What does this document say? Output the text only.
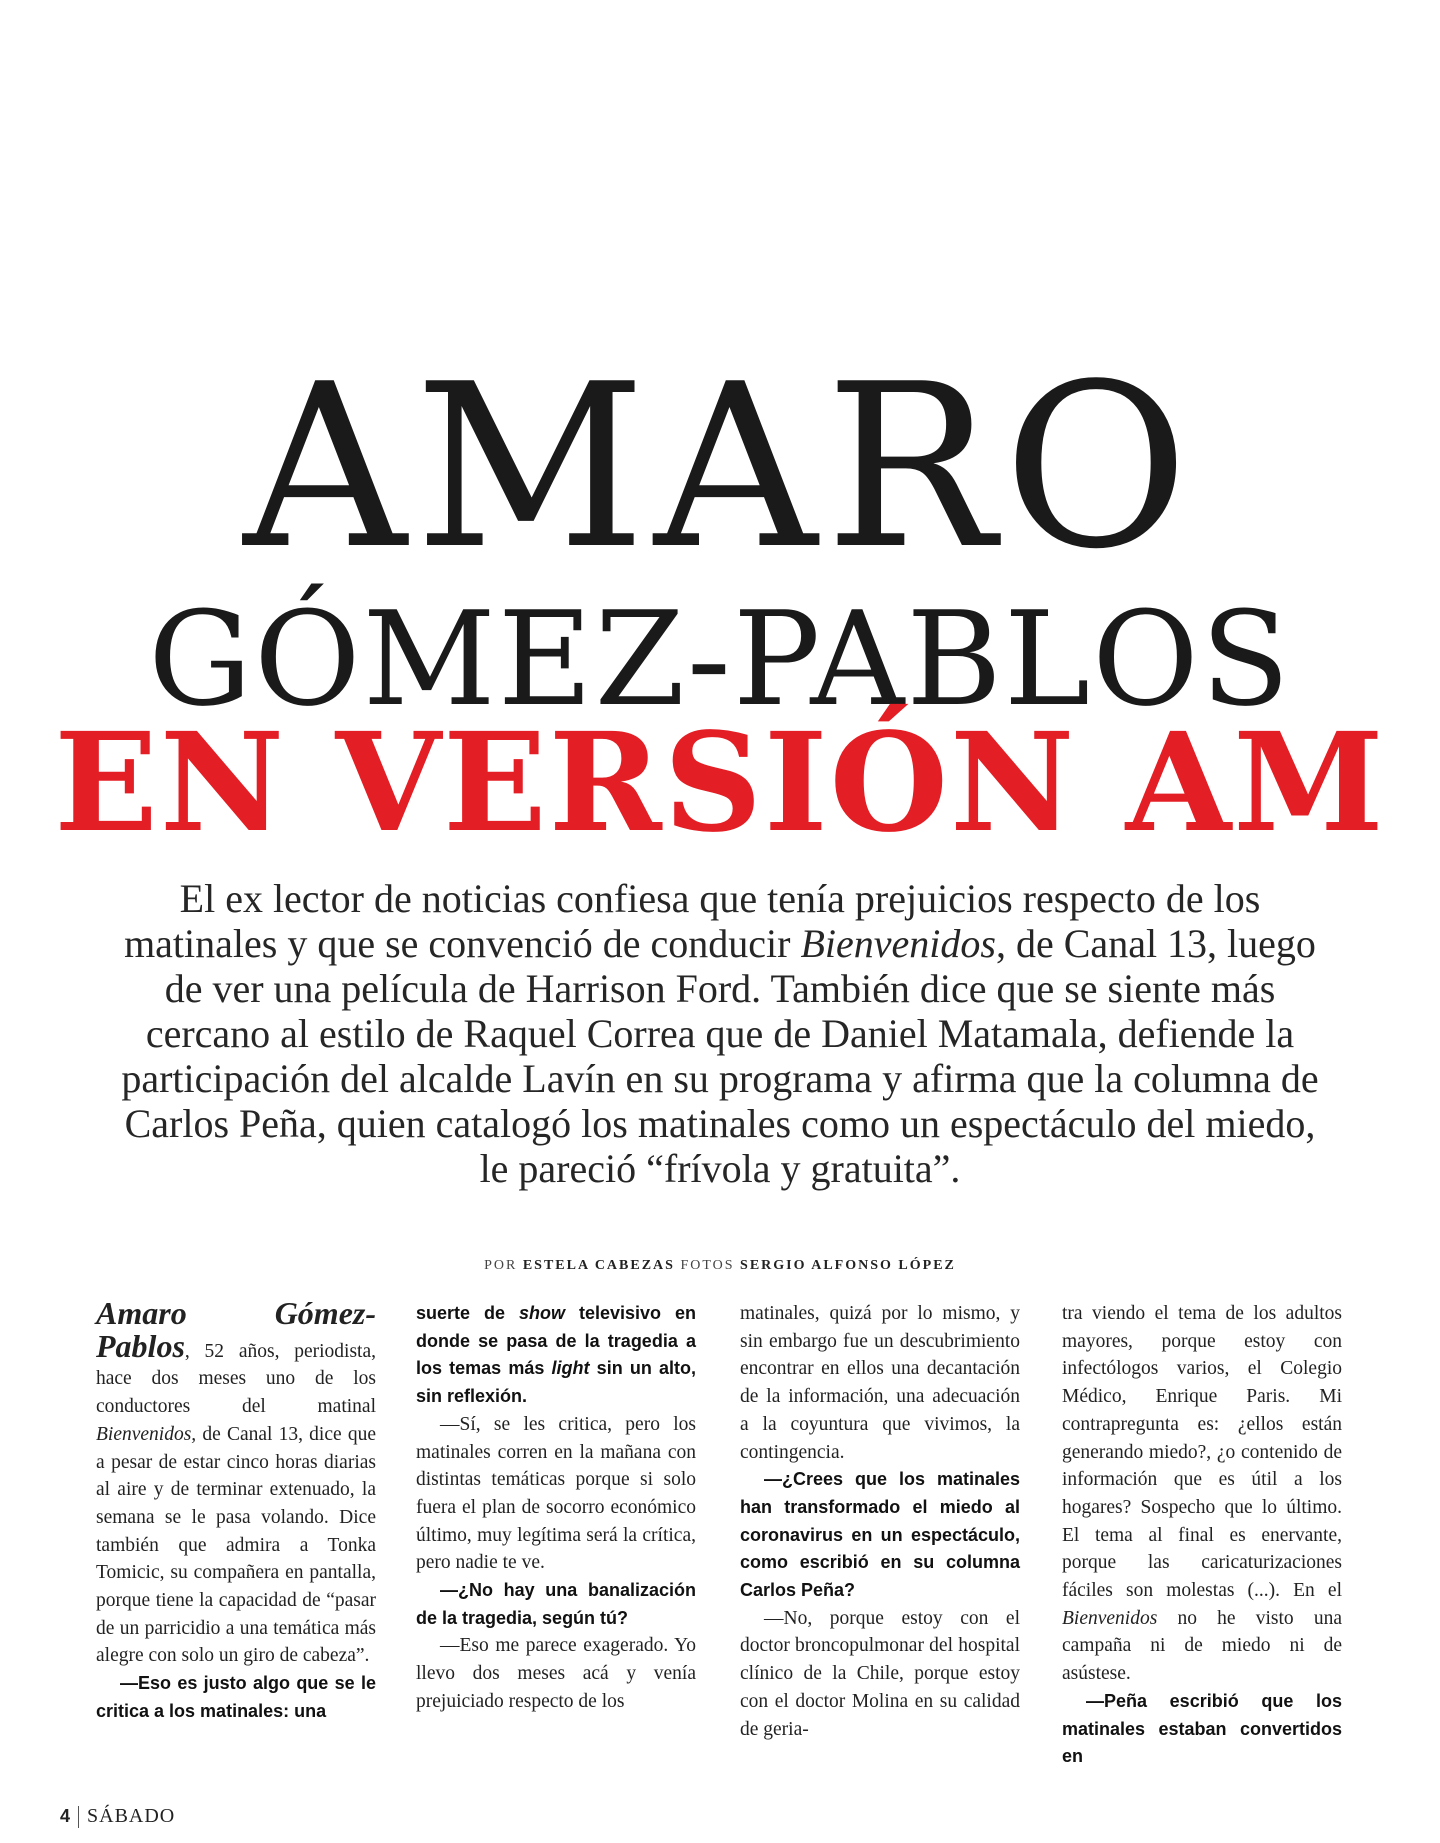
AMARO
GÓMEZ-PABLOS
EN VERSIÓN AM

El ex lector de noticias confiesa que tenía prejuicios respecto de los matinales y que se convenció de conducir Bienvenidos, de Canal 13, luego de ver una película de Harrison Ford. También dice que se siente más cercano al estilo de Raquel Correa que de Daniel Matamala, defiende la participación del alcalde Lavín en su programa y afirma que la columna de Carlos Peña, quien catalogó los matinales como un espectáculo del miedo, le pareció “frívola y gratuita”.

POR ESTELA CABEZAS FOTOS SERGIO ALFONSO LÓPEZ

Amaro Gómez-Pablos, 52 años, periodista, hace dos meses uno de los conductores del matinal Bienvenidos, de Canal 13, dice que a pesar de estar cinco horas diarias al aire y de terminar extenuado, la semana se le pasa volando. Dice también que admira a Tonka Tomicic, su compañera en pantalla, porque tiene la capacidad de “pasar de un parricidio a una temática más alegre con solo un giro de cabeza”.

—Eso es justo algo que se le critica a los matinales: una

suerte de show televisivo en donde se pasa de la tragedia a los temas más light sin un alto, sin reflexión.

—Sí, se les critica, pero los matinales corren en la mañana con distintas temáticas porque si solo fuera el plan de socorro económico último, muy legítima será la crítica, pero nadie te ve.

—¿No hay una banalización de la tragedia, según tú?

—Eso me parece exagerado. Yo llevo dos meses acá y venía prejuiciado respecto de los

matinales, quizá por lo mismo, y sin embargo fue un descubrimiento encontrar en ellos una decantación de la información, una adecuación a la coyuntura que vivimos, la contingencia.

—¿Crees que los matinales han transformado el miedo al coronavirus en un espectáculo, como escribió en su columna Carlos Peña?

—No, porque estoy con el doctor broncopulmonar del hospital clínico de la Chile, porque estoy con el doctor Molina en su calidad de geria-

tra viendo el tema de los adultos mayores, porque estoy con infectólogos varios, el Colegio Médico, Enrique Paris. Mi contrapregunta es: ¿ellos están generando miedo?, ¿o contenido de información que es útil a los hogares? Sospecho que lo último. El tema al final es enervante, porque las caricaturizaciones fáciles son molestas (...). En el Bienvenidos no he visto una campaña ni de miedo ni de asústese.

—Peña escribió que los matinales estaban convertidos en

4 SÁBADO
